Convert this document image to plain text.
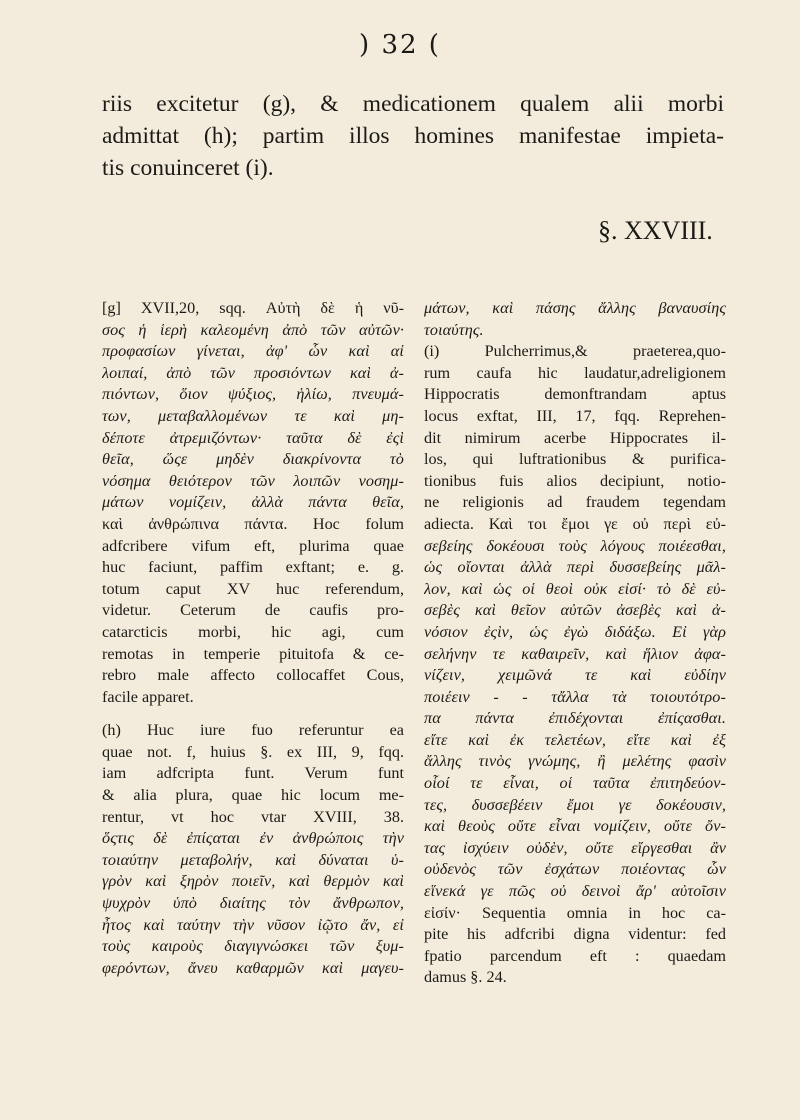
) 32 (
riis excitetur (g), & medicationem qualem alii morbi
admittat (h); partim illos homines manifestae impieta-
tis conuinceret (i).
§. XXVIII.
[g] XVII,20, sqq. Αὐτὴ δὲ ἡ νῦ-
σος ἡ ἱερὴ καλεομένη ἀπὸ τῶν αὐτῶν·
προφασίων γίνεται, ἀφ' ὧν καὶ αἱ
λοιπαί, ἀπὸ τῶν προσιόντων καὶ ἀ-
πιόντων, ὅιον ψύξιος, ἡλίω, πνευμά-
των, μεταβαλλομένων τε καὶ μη-
δέποτε ἀτρεμιζόντων· ταῦτα δὲ ἐςὶ
θεῖα, ὥςε μηδὲν διακρίνοντα τὸ
νόσημα θειότερον τῶν λοιπῶν νοσημ-
μάτων νομίζειν, ἀλλὰ πάντα θεῖα,
καὶ ἀνθρώπινα πάντα. Hoc folum
adfcribere vifum eft, plurima quae
huc faciunt, paffim exftant; e. g.
totum caput XV huc referendum,
videtur. Ceterum de caufis pro-
catarcticis morbi, hic agi, cum
remotas in temperie pituitofa & ce-
rebro male affecto collocaffet Cous,
facile apparet.
(h) Huc iure fuo referuntur ea
quae not. f, huius §. ex III, 9, fqq.
iam adfcripta funt. Verum funt
& alia plura, quae hic locum me-
rentur, vt hoc vtar XVIII, 38.
ὅςτις δὲ ἐπίςαται ἐν ἀνθρώποις τὴν
τοιαύτην μεταβολήν, καὶ δύναται ὑ-
γρὸν καὶ ξηρὸν ποιεῖν, καὶ θερμὸν καὶ
ψυχρὸν ὑπὸ διαίτης τὸν ἄνθρωπον,
ἦτος καὶ ταύτην τὴν νῦσον ἰῷτο ἄν, εἰ
τοὺς καιροὺς διαγιγνώσκει τῶν ξυμ-
φερόντων, ἄνευ καθαρμῶν καὶ μαγευ-
μάτων, καὶ πάσης ἄλλης βαναυσίης
τοιαύτης.
(i) Pulcherrimus,& praeterea,quo-
rum caufa hic laudatur,adreligionem
Hippocratis demonftrandam aptus
locus exftat, III, 17, fqq. Reprehen-
dit nimirum acerbe Hippocrates il-
los, qui luftrationibus & purifica-
tionibus fuis alios decipiunt, notio-
ne religionis ad fraudem tegendam
adiecta. Καὶ τοι ἔμοι γε οὐ περὶ εὐ-
σεβείης δοκέουσι τοὺς λόγους ποιέεσθαι,
ὡς οἴονται ἀλλὰ περὶ δυσσεβείης μᾶλ-
λον, καὶ ὡς οἱ θεοὶ οὐκ εἰσί· τὸ δὲ εὐ-
σεβὲς καὶ θεῖον αὐτῶν ἀσεβὲς καὶ ἀ-
νόσιον ἐςὶν, ὡς ἐγὼ διδάξω. Εἰ γὰρ
σελήνην τε καθαιρεῖν, καὶ ἥλιον ἀφα-
νίζειν, χειμῶνά τε καὶ εὐδίην
ποιέειν - - τἄλλα τὰ τοιουτότρο-
πα πάντα ἐπιδέχονται ἐπίςασθαι.
εἴτε καὶ ἐκ τελετέων, εἴτε καὶ ἐξ
ἄλλης τινὸς γνώμης, ἢ μελέτης φασὶν
οἷοί τε εἶναι, οἱ ταῦτα ἐπιτηδεύον-
τες, δυσσεβέειν ἔμοι γε δοκέουσιν,
καὶ θεοὺς οὔτε εἶναι νομίζειν, οὔτε ὄν-
τας ἰσχύειν οὐδὲν, οὔτε εἴργεσθαι ἂν
οὐδενὸς τῶν ἐσχάτων ποιέοντας ὧν
εἵνεκά γε πῶς οὐ δεινοὶ ἄρ' αὐτοῖσιν
εἰσίν· Sequentia omnia in hoc ca-
pite his adfcribi digna videntur: fed
fpatio parcendum eft : quaedam
damus §. 24.
